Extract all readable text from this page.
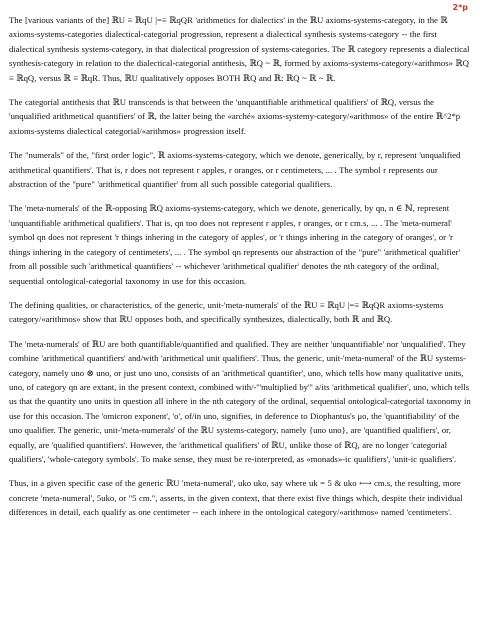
2*p

The [various variants of the] ℝU ≡ ℝqU |=≡ ℝqQR 'arithmetics for dialectics' in the ℝU axioms-systems-category, in the ℝ axioms-systems-categories dialectical-categorial progression, represent a dialectical synthesis systems-category -- the first dialectical synthesis systems-category, in that dialectical progression of systems-categories. The ℝ category represents a dialectical synthesis-category in relation to the dialectical-categorial antithesis, ℝQ ~ ℝ, formed by axioms-systems-category/«arithmos» ℝQ ≡ ℝqQ, versus ℝ ≡ ℝqR. Thus, ℝU qualitatively opposes BOTH ℝQ and ℝ: ℝQ ~ ℝ ~ ℝ.

The categorial antithesis that ℝU transcends is that between the 'unquantifiable arithmetical qualifiers' of ℝQ, versus the 'unqualified arithmetical quantifiers' of ℝ, the latter being the «arché» axioms-systemy-category/«arithmos» of the entire ℝ^2*p axioms-systems dialectical categorial/«arithmos» progression itself.

The "numerals" of the, "first order logic", ℝ axioms-systems-category, which we denote, generically, by r, represent 'unqualified arithmetical quantifiers'. That is, r does not represent r apples, r oranges, or r centimeters, ... . The symbol r represents our abstraction of the "pure" 'arithmetical quantifier' from all such possible categorial qualifiers.

The 'meta-numerals' of the ℝ-opposing ℝQ axioms-systems-category, which we denote, generically, by qn, n ∈ ℕ, represent 'unquantifiable arithmetical qualifiers'. That is, qn too does not represent r apples, r oranges, or r cm.s, ... . The 'meta-numeral' symbol qn does not represent 'r things inhering in the category of apples', or 'r things inhering in the category of oranges', or 'r things inhering in the category of centimeters', ... . The symbol qn represents our abstraction of the "pure" 'arithmetical qualifier' from all possible such 'arithmetical quantifiers' -- whichever 'arithmetical qualifier' denotes the nth category of the ordinal, sequential ontological-categorial taxonomy in use for this occasion.

The defining qualities, or characteristics, of the generic, unit-'meta-numerals' of the ℝU ≡ ℝqU |=≡ ℝqQR axioms-systems category/«arithmos» show that ℝU opposes both, and specifically synthesizes, dialectically, both ℝ and ℝQ.

The 'meta-numerals' of ℝU are both quantifiable/quantified and qualified. They are neither 'unquantifiable' nor 'unqualified'. They combine 'arithmetical quantifiers' and/with 'arithmetical unit qualifiers'. Thus, the generic, unit-'meta-numeral' of the ℝU systems-category, namely uno ⊗ uno, or just uno uno, consists of an 'arithmetical quantifier', uno, which tells how many qualitative units, uno, of category qn are extant, in the present context, combined with/-'''multiplied by''' a/its 'arithmetical qualifier', uno, which tells us that the quantity uno units in question all inhere in the nth category of the ordinal, sequential ontological-categorial taxonomy in use for this occasion. The 'omicron exponent', 'o', of/in uno, signifies, in deference to Diophantus's μo, the 'quantifiability' of the uno qualifier. The generic, unit-'meta-numerals' of the ℝU systems-category, namely {uno uno}, are 'quantified qualifiers', or, equally, are 'qualified quantifiers'. However, the 'arithmetical qualifiers' of ℝU, unlike those of ℝQ, are no longer 'categorial qualifiers', 'whole-category symbols'. To make sense, they must be re-interpreted, as «monads»-ic qualifiers', 'unit-ic qualifiers'.

Thus, in a given specific case of the generic ℝU 'meta-numeral', uko uko, say where uk = 5 & uko ⟷ cm.s, the resulting, more concrete 'meta-numeral', 5uko, or "5 cm.", asserts, in the given context, that there exist five things which, despite their individual differences in detail, each qualify as one centimeter -- each inhere in the ontological category/«arithmos» named 'centimeters'.
